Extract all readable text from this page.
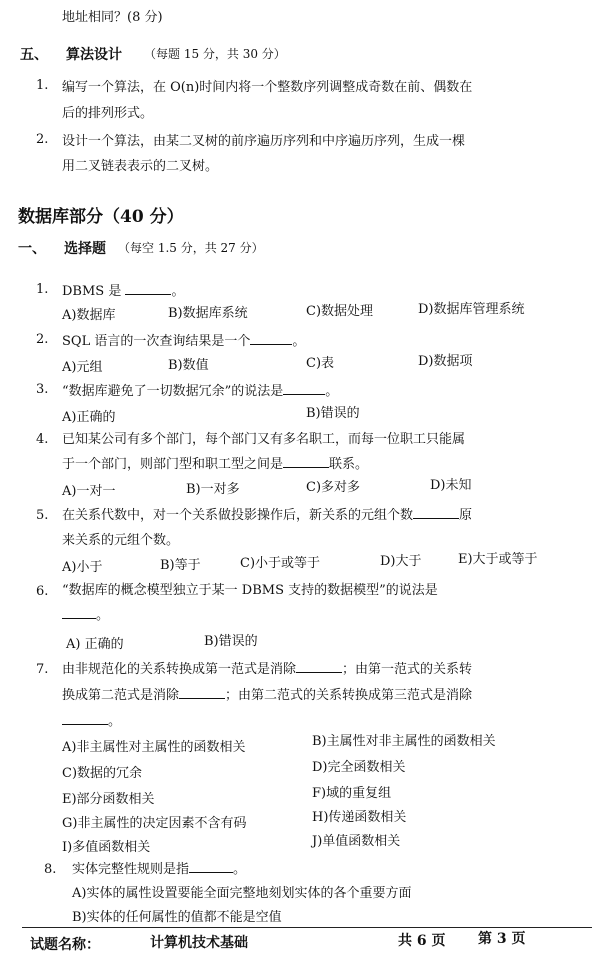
地址相同？(8 分)
五、 算法设计 （每题 15 分，共 30 分）
1. 编写一个算法，在 O(n)时间内将一个整数序列调整成奇数在前、偶数在
后的排列形式。
2. 设计一个算法，由某二叉树的前序遍历序列和中序遍历序列，生成一棵
用二叉链表表示的二叉树。
数据库部分（40 分）
一、 选择题 （每空 1.5 分，共 27 分）
1. DBMS 是	。
A)数据库	B)数据库系统	C)数据处理	D)数据库管理系统
2. SQL 语言的一次查询结果是一个	。
A)元组	B)数值	C)表	D)数据项
3. “数据库避免了一切数据冗余”的说法是	。
A)正确的	B)错误的
4. 已知某公司有多个部门，每个部门又有多名职工，而每一位职工只能属
于一个部门，则部门型和职工型之间是	联系。
A)一对一	B)一对多	C)多对多	D)未知
5. 在关系代数中，对一个关系做投影操作后，新关系的元组个数	原
来关系的元组个数。
A)小于	B)等于	C)小于或等于	D)大于	E)大于或等于
6. “数据库的概念模型独立于某一 DBMS 支持的数据模型”的说法是
。
A) 正确的	B)错误的
7. 由非规范化的关系转换成第一范式是消除	；由第一范式的关系转
换成第二范式是消除	；由第二范式的关系转换成第三范式是消除
。
A)非主属性对主属性的函数相关	B)主属性对非主属性的函数相关
C)数据的冗余	D)完全函数相关
E)部分函数相关	F)域的重复组
G)非主属性的决定因素不含有码	H)传递函数相关
I)多值函数相关	J)单值函数相关
8. 实体完整性规则是指	。
A)实体的属性设置要能全面完整地刻划实体的各个重要方面
B)实体的任何属性的值都不能是空值
试题名称：	计算机技术基础	共 6 页 第 3 页
